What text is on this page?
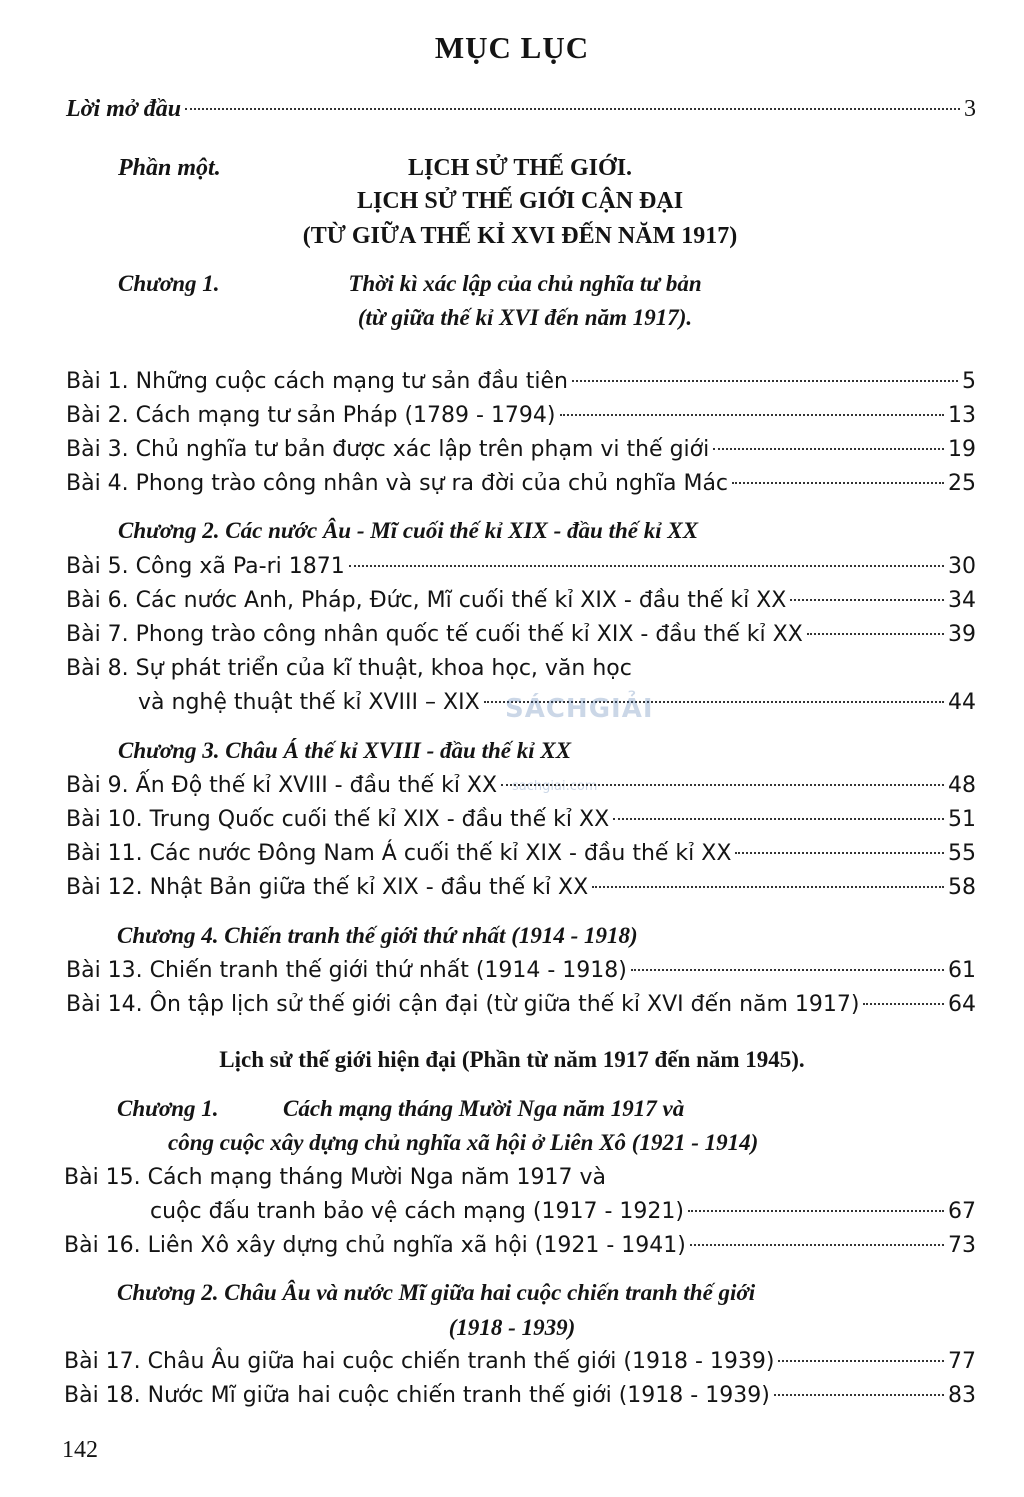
MỤC LỤC
Lời mở đầu	3
Phần một.	LỊCH SỬ THẾ GIỚI.
LỊCH SỬ THẾ GIỚI CẬN ĐẠI
(TỪ GIỮA THẾ KỈ XVI ĐẾN NĂM 1917)
Chương 1.	Thời kì xác lập của chủ nghĩa tư bản
(từ giữa thế kỉ XVI đến năm 1917).
Bài 1. Những cuộc cách mạng tư sản đầu tiên	5
Bài 2. Cách mạng tư sản Pháp (1789 - 1794)	13
Bài 3. Chủ nghĩa tư bản được xác lập trên phạm vi thế giới	19
Bài 4. Phong trào công nhân và sự ra đời của chủ nghĩa Mác	25
Chương 2. Các nước Âu - Mĩ cuối thế kỉ XIX - đầu thế kỉ XX
Bài 5. Công xã Pa-ri 1871	30
Bài 6. Các nước Anh, Pháp, Đức, Mĩ cuối thế kỉ XIX - đầu thế kỉ XX	34
Bài 7. Phong trào công nhân quốc tế cuối thế kỉ XIX - đầu thế kỉ XX	39
Bài 8. Sự phát triển của kĩ thuật, khoa học, văn học
và nghệ thuật thế kỉ XVIII – XIX	44
SÁCHGIẢI
sachgiai.com
Chương 3. Châu Á thế kỉ XVIII - đầu thế kỉ XX
Bài 9. Ấn Độ thế kỉ XVIII - đầu thế kỉ XX	48
Bài 10. Trung Quốc cuối thế kỉ XIX - đầu thế kỉ XX	51
Bài 11. Các nước Đông Nam Á cuối thế kỉ XIX - đầu thế kỉ XX	55
Bài 12. Nhật Bản giữa thế kỉ XIX - đầu thế kỉ XX	58
Chương 4. Chiến tranh thế giới thứ nhất (1914 - 1918)
Bài 13. Chiến tranh thế giới thứ nhất (1914 - 1918)	61
Bài 14. Ôn tập lịch sử thế giới cận đại (từ giữa thế kỉ XVI đến năm 1917)	64
Lịch sử thế giới hiện đại (Phần từ năm 1917 đến năm 1945).
Chương 1.	Cách mạng tháng Mười Nga năm 1917 và
công cuộc xây dựng chủ nghĩa xã hội ở Liên Xô (1921 - 1914)
Bài 15. Cách mạng tháng Mười Nga năm 1917 và
cuộc đấu tranh bảo vệ cách mạng (1917 - 1921)	67
Bài 16. Liên Xô xây dựng chủ nghĩa xã hội (1921 - 1941)	73
Chương 2. Châu Âu và nước Mĩ giữa hai cuộc chiến tranh thế giới
(1918 - 1939)
Bài 17. Châu Âu giữa hai cuộc chiến tranh thế giới (1918 - 1939)	77
Bài 18. Nước Mĩ giữa hai cuộc chiến tranh thế giới (1918 - 1939)	83
142
